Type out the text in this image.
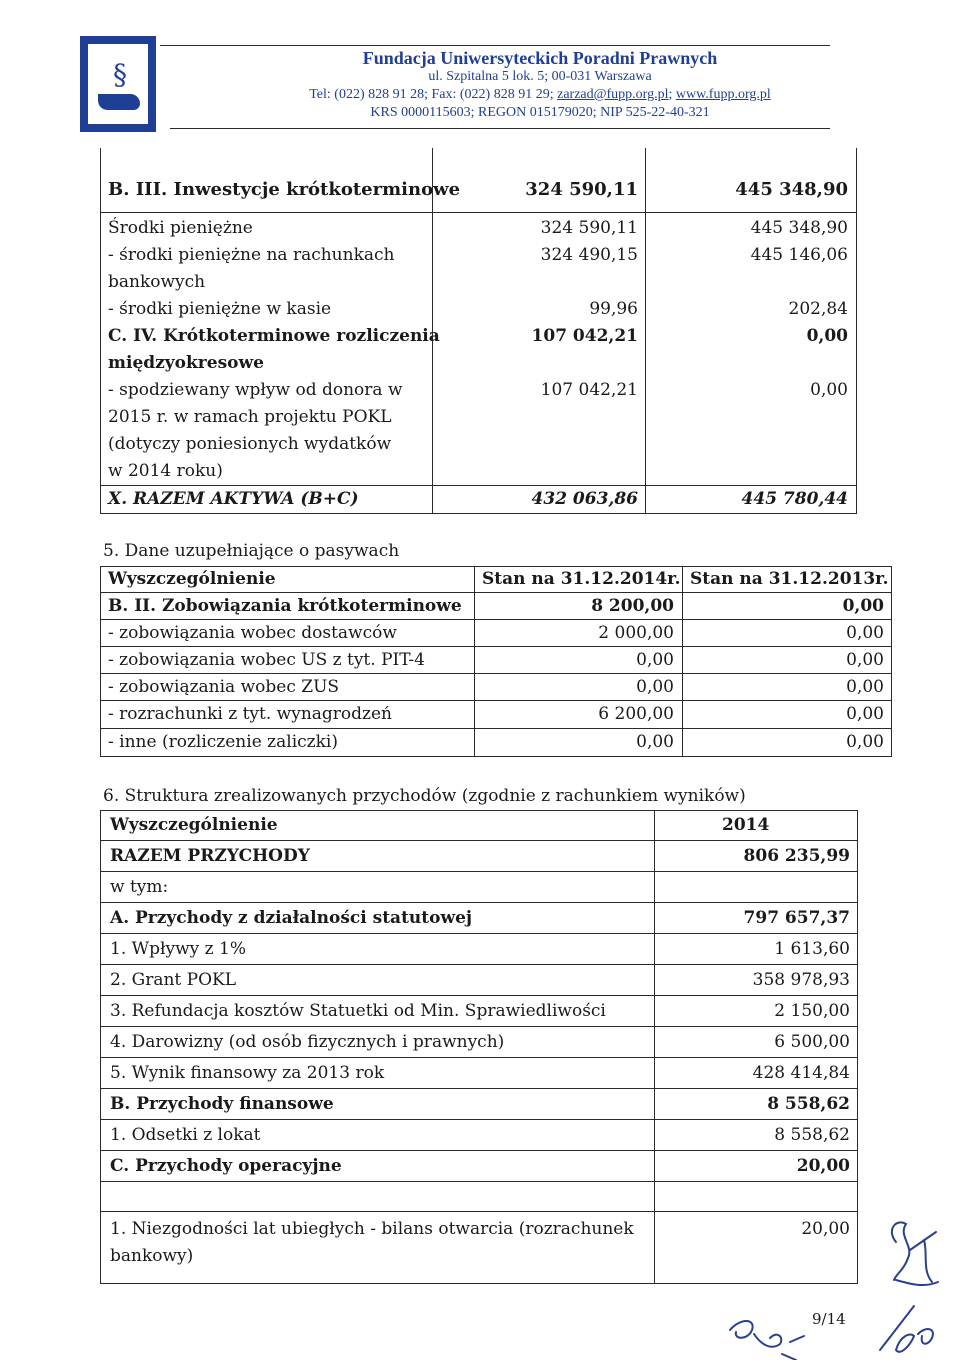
§	Fundacja Uniwersyteckich Poradni Prawnych
ul. Szpitalna 5 lok. 5; 00-031 Warszawa
Tel: (022) 828 91 28; Fax: (022) 828 91 29; zarzad@fupp.org.pl; www.fupp.org.pl
KRS 0000115603; REGON 015179020; NIP 525-22-40-321
B. III. Inwestycje krótkoterminowe	324 590,11	445 348,90
Środki pieniężne	324 590,11	445 348,90
- środki pieniężne na rachunkach
bankowych
324 490,15	445 146,06
- środki pieniężne w kasie	99,96	202,84
C. IV. Krótkoterminowe rozliczenia
międzyokresowe
107 042,21	0,00
- spodziewany wpływ od donora w
2015 r. w ramach projektu POKL
(dotyczy poniesionych wydatków
w 2014 roku)
107 042,21	0,00
X. RAZEM AKTYWA (B+C)	432 063,86	445 780,44
5. Dane uzupełniające o pasywach
Wyszczególnienie	Stan na 31.12.2014r. Stan na 31.12.2013r.
B. II. Zobowiązania krótkoterminowe	8 200,00	0,00
- zobowiązania wobec dostawców	2 000,00	0,00
- zobowiązania wobec US z tyt. PIT-4	0,00	0,00
- zobowiązania wobec ZUS	0,00	0,00
- rozrachunki z tyt. wynagrodzeń	6 200,00	0,00
- inne (rozliczenie zaliczki)	0,00	0,00
6. Struktura zrealizowanych przychodów (zgodnie z rachunkiem wyników)
Wyszczególnienie	2014
RAZEM PRZYCHODY	806 235,99
w tym:
A. Przychody z działalności statutowej	797 657,37
1. Wpływy z 1%	1 613,60
2. Grant POKL	358 978,93
3. Refundacja kosztów Statuetki od Min. Sprawiedliwości	2 150,00
4. Darowizny (od osób fizycznych i prawnych)	6 500,00
5. Wynik finansowy za 2013 rok	428 414,84
B. Przychody finansowe	8 558,62
1. Odsetki z lokat	8 558,62
C. Przychody operacyjne	20,00
1. Niezgodności lat ubiegłych - bilans otwarcia (rozrachunek
bankowy)
20,00
9/14
